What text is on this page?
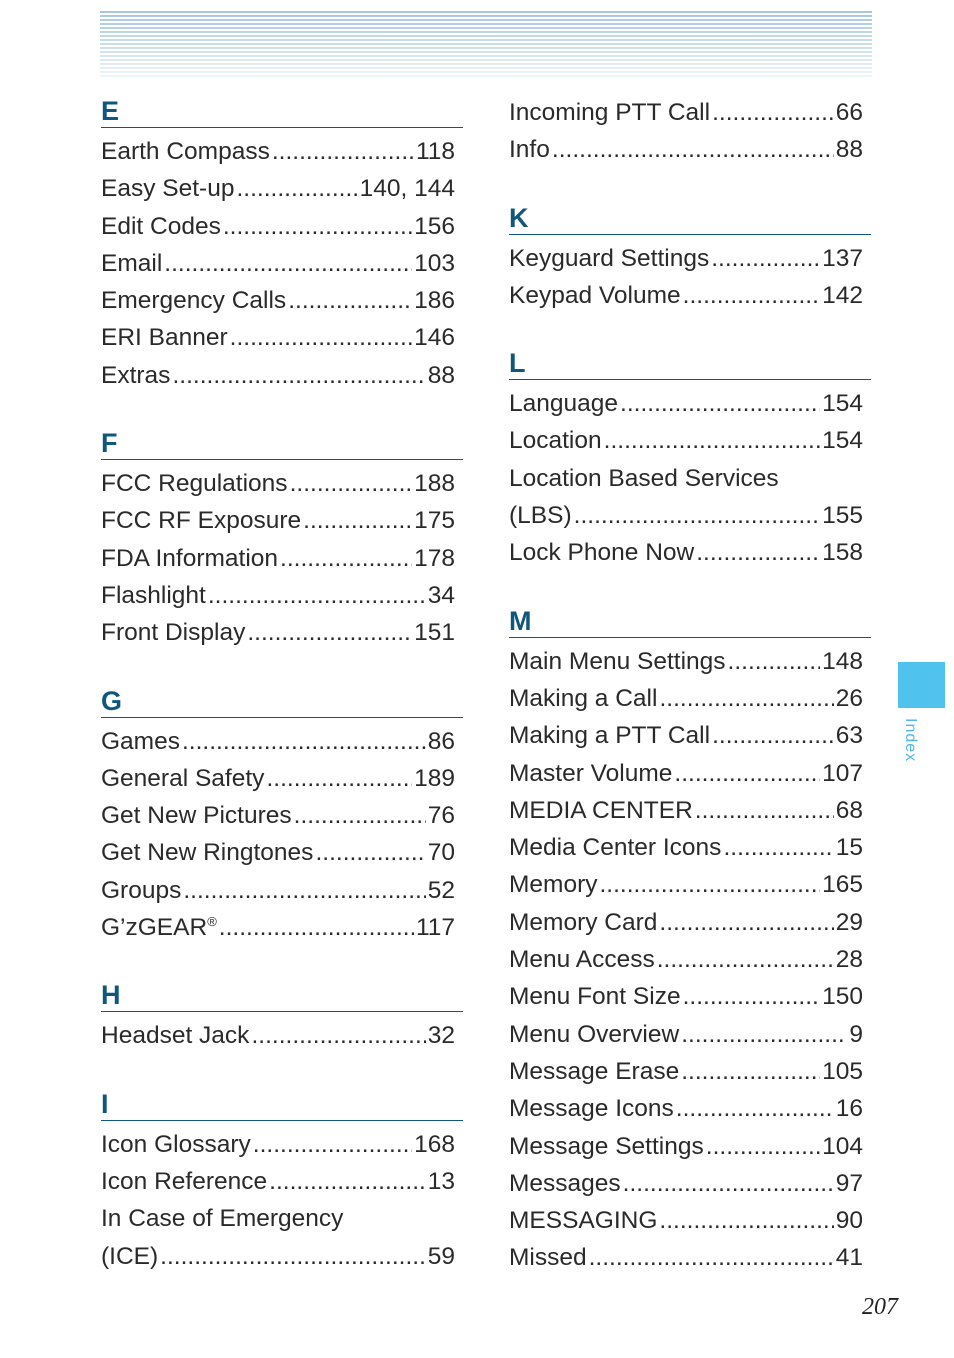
E
Earth Compass . . .	118
Easy Set-up . . .	140, 144
Edit Codes . . .	156
Email . . .	103
Emergency Calls . . .	186
ERI Banner . . .	146
Extras . . .	88
F
FCC Regulations . . .	188
FCC RF Exposure . . .	175
FDA Information . . .	178
Flashlight . . .	34
Front Display . . .	151
G
Games . . .	86
General Safety . . .	189
Get New Pictures . . .	76
Get New Ringtones . . .	70
Groups . . .	52
G’zGEAR® . . .	117
H
Headset Jack . . .	32
I
Icon Glossary . . .	168
Icon Reference . . .	13
In Case of Emergency
(ICE) . . .	59
Incoming PTT Call . . .	66
Info . . .	88
K
Keyguard Settings . . .	137
Keypad Volume . . .	142
L
Language . . .	154
Location . . .	154
Location Based Services
(LBS) . . .	155
Lock Phone Now . . .	158
M
Main Menu Settings . . .	148
Making a Call . . .	26
Making a PTT Call . . .	63
Master Volume . . .	107
MEDIA CENTER . . .	68
Media Center Icons . . .	15
Memory . . .	165
Memory Card . . .	29
Menu Access . . .	28
Menu Font Size . . .	150
Menu Overview . . .	9
Message Erase . . .	105
Message Icons . . .	16
Message Settings . . .	104
Messages . . .	97
MESSAGING . . .	90
Missed . . .	41
Index
207
